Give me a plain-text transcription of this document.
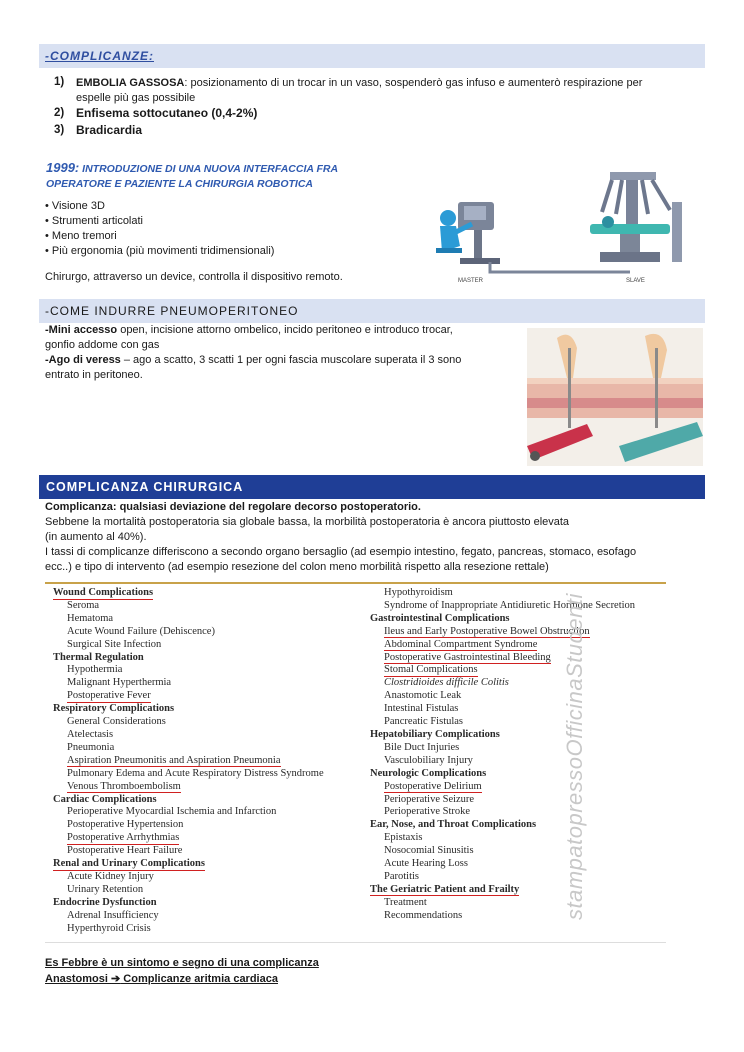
-COMPLICANZE:
1) EMBOLIA GASSOSA: posizionamento di un trocar in un vaso, sospenderò gas infuso e aumenterò respirazione per
espelle più gas possibile
2) Enfisema sottocutaneo (0,4-2%)
3) Bradicardia
1999: INTRODUZIONE DI UNA NUOVA INTERFACCIA FRA
OPERATORE E PAZIENTE LA CHIRURGIA ROBOTICA
• Visione 3D
• Strumenti articolati
• Meno tremori
• Più ergonomia (più movimenti tridimensionali)
Chirurgo, attraverso un device, controlla il dispositivo remoto.	MASTER	SLAVE
-COME INDURRE PNEUMOPERITONEO
-Mini accesso open, incisione attorno ombelico, incido peritoneo e introduco trocar,
gonfio addome con gas
-Ago di veress – ago a scatto, 3 scatti 1 per ogni fascia muscolare superata il 3 sono
entrato in peritoneo.
COMPLICANZA CHIRURGICA
Complicanza: qualsiasi deviazione del regolare decorso postoperatorio.
Sebbene la mortalità postoperatoria sia globale bassa, la morbilità postoperatoria è ancora piuttosto elevata
(in aumento al 40%).
I tassi di complicanze differiscono a secondo organo bersaglio (ad esempio intestino, fegato, pancreas, stomaco, esofago
ecc..) e tipo di intervento (ad esempio resezione del colon meno morbilità rispetto alla resezione rettale)
Wound Complications
Seroma
Hematoma
Acute Wound Failure (Dehiscence)
Surgical Site Infection
Thermal Regulation
Hypothermia
Malignant Hyperthermia
Postoperative Fever
Respiratory Complications
General Considerations
Atelectasis
Pneumonia
Aspiration Pneumonitis and Aspiration Pneumonia
Pulmonary Edema and Acute Respiratory Distress Syndrome
Venous Thromboembolism
Cardiac Complications
Perioperative Myocardial Ischemia and Infarction
Postoperative Hypertension
Postoperative Arrhythmias
Postoperative Heart Failure
Renal and Urinary Complications
Acute Kidney Injury
Urinary Retention
Endocrine Dysfunction
Adrenal Insufficiency
Hyperthyroid Crisis
Hypothyroidism
Syndrome of Inappropriate Antidiuretic Hormone Secretion
Gastrointestinal Complications
Ileus and Early Postoperative Bowel Obstruction
Abdominal Compartment Syndrome
Postoperative Gastrointestinal Bleeding
Stomal Complications
Clostridioides difficile Colitis
Anastomotic Leak
Intestinal Fistulas
Pancreatic Fistulas
Hepatobiliary Complications
Bile Duct Injuries
Vasculobiliary Injury
Neurologic Complications
Postoperative Delirium
Perioperative Seizure
Perioperative Stroke
Ear, Nose, and Throat Complications
Epistaxis
Nosocomial Sinusitis
Acute Hearing Loss
Parotitis
The Geriatric Patient and Frailty
Treatment
Recommendations	stampatopressoOfficinaStudenti
Es Febbre è un sintomo e segno di una complicanza
Anastomosi ➔ Complicanze aritmia cardiaca
